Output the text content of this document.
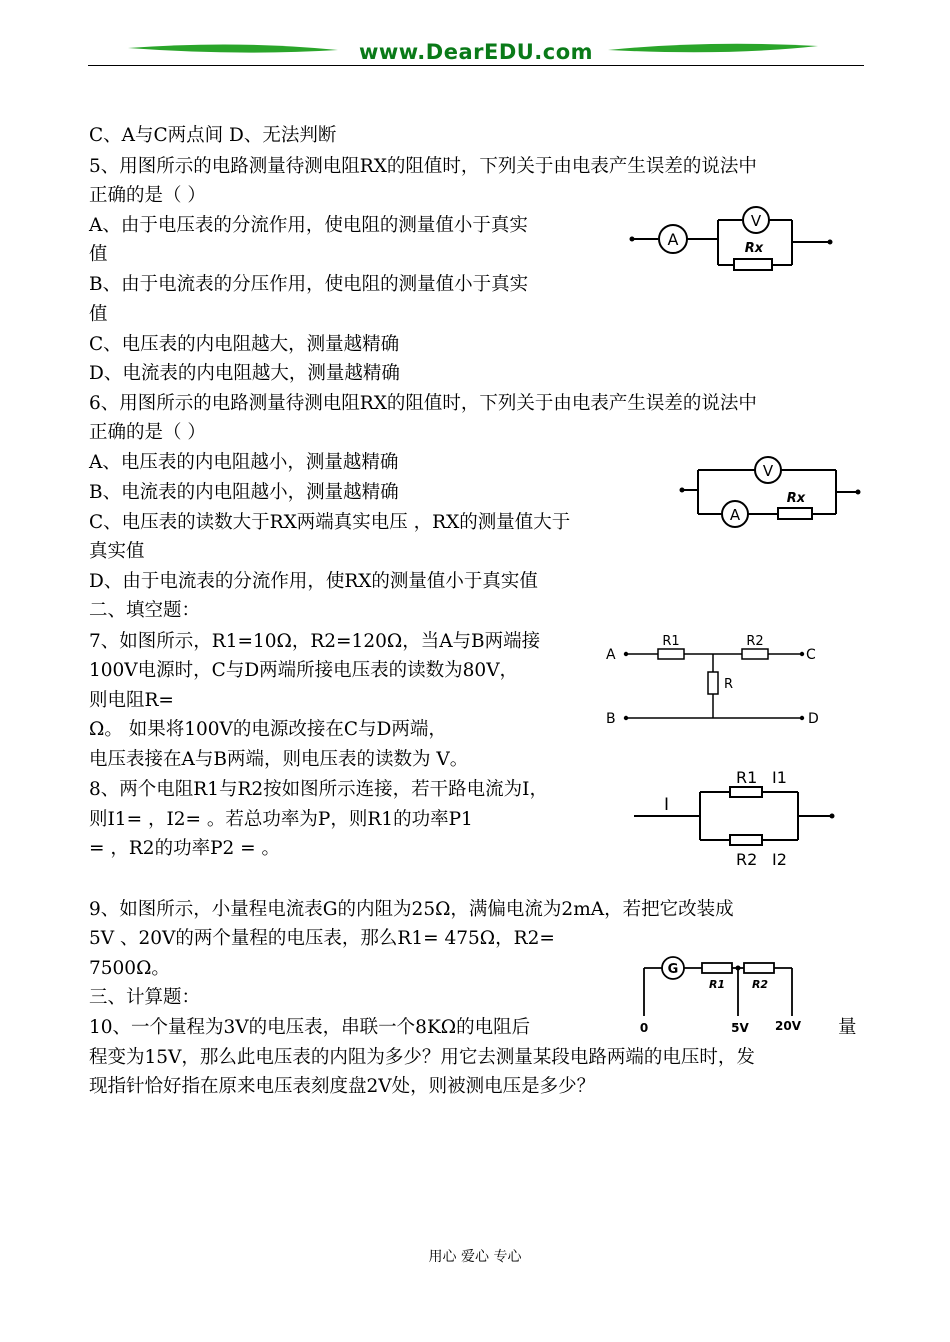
www.DearEDU.com
C、A与C两点间 D、无法判断
5、用图所示的电路测量待测电阻RX的阻值时，下列关于由电表产生误差的说法中
正确的是（ ）
A、由于电压表的分流作用，使电阻的测量值小于真实
值
B、由于电流表的分压作用，使电阻的测量值小于真实
值
C、电压表的内电阻越大，测量越精确
D、电流表的内电阻越大，测量越精确
6、用图所示的电路测量待测电阻RX的阻值时，下列关于由电表产生误差的说法中
正确的是（ ）
A、电压表的内电阻越小，测量越精确
B、电流表的内电阻越小，测量越精确
C、电压表的读数大于RX两端真实电压 ，RX的测量值大于
真实值
D、由于电流表的分流作用，使RX的测量值小于真实值
二、填空题：
7、如图所示，R1=10Ω，R2=120Ω，当A与B两端接
100V电源时，C与D两端所接电压表的读数为80V，
则电阻R=
Ω。 如果将100V的电源改接在C与D两端，
电压表接在A与B两端，则电压表的读数为 V。
8、两个电阻R1与R2按如图所示连接，若干路电流为I，
则I1= ，I2= 。若总功率为P，则R1的功率P1
= ，R2的功率P2 = 。
9、如图所示，小量程电流表G的内阻为25Ω，满偏电流为2mA，若把它改装成
5V 、20V的两个量程的电压表，那么R1= 475Ω，R2=
7500Ω。
三、计算题：
10、一个量程为3V的电压表，串联一个8KΩ的电阻后	量
程变为15V，那么此电压表的内阻为多少？用它去测量某段电路两端的电压时，发
现指针恰好指在原来电压表刻度盘2V处，则被测电压是多少？
A
V
Rx
V
A
Rx
A
B
C
D
R1	R2
R
I
R1 I1
R2 I2
G
R1 R2
0	5V 20V
用心 爱心 专心
